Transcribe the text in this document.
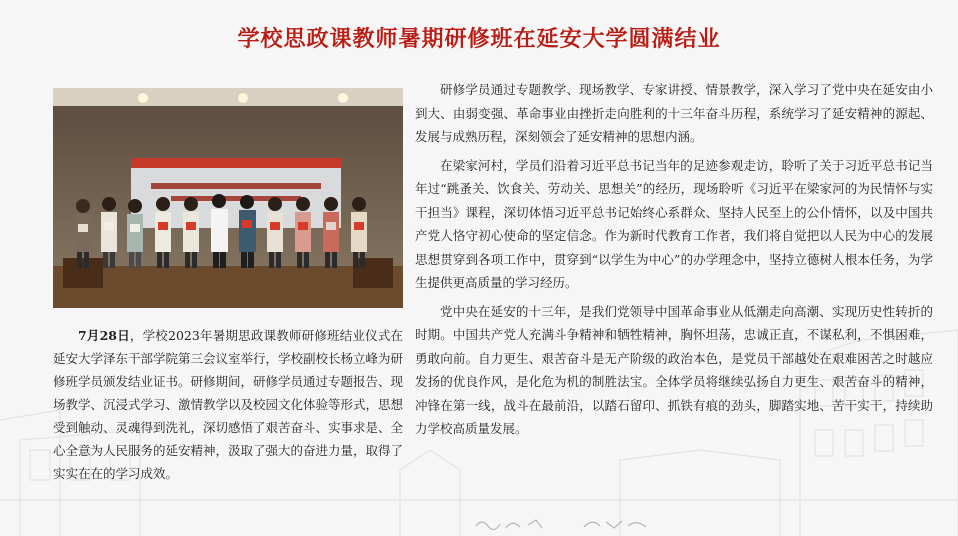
学校思政课教师暑期研修班在延安大学圆满结业

7月28日，学校2023年暑期思政课教师研修班结业仪式在延安大学泽东干部学院第三会议室举行，学校副校长杨立峰为研修班学员颁发结业证书。研修期间，研修学员通过专题报告、现场教学、沉浸式学习、激情教学以及校园文化体验等形式，思想受到触动、灵魂得到洗礼，深切感悟了艰苦奋斗、实事求是、全心全意为人民服务的延安精神，汲取了强大的奋进力量，取得了实实在在的学习成效。

研修学员通过专题教学、现场教学、专家讲授、情景教学，深入学习了党中央在延安由小到大、由弱变强、革命事业由挫折走向胜利的十三年奋斗历程，系统学习了延安精神的源起、发展与成熟历程，深刻领会了延安精神的思想内涵。

在梁家河村，学员们沿着习近平总书记当年的足迹参观走访，聆听了关于习近平总书记当年过“跳蚤关、饮食关、劳动关、思想关”的经历，现场聆听《习近平在梁家河的为民情怀与实干担当》课程，深切体悟习近平总书记始终心系群众、坚持人民至上的公仆情怀，以及中国共产党人恪守初心使命的坚定信念。作为新时代教育工作者，我们将自觉把以人民为中心的发展思想贯穿到各项工作中，贯穿到“以学生为中心”的办学理念中，坚持立德树人根本任务，为学生提供更高质量的学习经历。

党中央在延安的十三年，是我们党领导中国革命事业从低潮走向高潮、实现历史性转折的时期。中国共产党人充满斗争精神和牺牲精神，胸怀坦荡，忠诚正直，不谋私利，不惧困难，勇敢向前。自力更生、艰苦奋斗是无产阶级的政治本色，是党员干部越处在艰难困苦之时越应发扬的优良作风，是化危为机的制胜法宝。全体学员将继续弘扬自力更生、艰苦奋斗的精神，冲锋在第一线，战斗在最前沿，以踏石留印、抓铁有痕的劲头，脚踏实地、苦干实干，持续助力学校高质量发展。
